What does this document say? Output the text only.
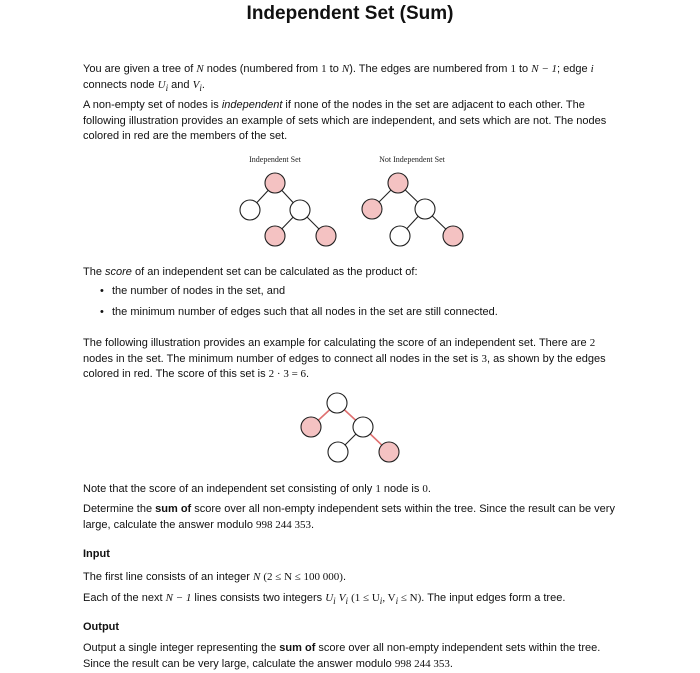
Independent Set (Sum)

You are given a tree of N nodes (numbered from 1 to N). The edges are numbered from 1 to N − 1; edge i connects node $U_i$ and $V_i$.

A non-empty set of nodes is independent if none of the nodes in the set are adjacent to each other. The following illustration provides an example of sets which are independent, and sets which are not. The nodes colored in red are the members of the set.

Independent Set	Not Independent Set

The score of an independent set can be calculated as the product of:

• the number of nodes in the set, and
• the minimum number of edges such that all nodes in the set are still connected.

The following illustration provides an example for calculating the score of an independent set. There are 2 nodes in the set. The minimum number of edges to connect all nodes in the set is 3, as shown by the edges colored in red. The score of this set is 2 · 3 = 6.

Note that the score of an independent set consisting of only 1 node is 0.

Determine the sum of score over all non-empty independent sets within the tree. Since the result can be very large, calculate the answer modulo 998 244 353.

Input

The first line consists of an integer N (2 ≤ N ≤ 100 000).

Each of the next N − 1 lines consists two integers $U_i$ $V_i$ ($1 \le U_i$, $V_i \le N$). The input edges form a tree.

Output

Output a single integer representing the sum of score over all non-empty independent sets within the tree. Since the result can be very large, calculate the answer modulo 998 244 353.
